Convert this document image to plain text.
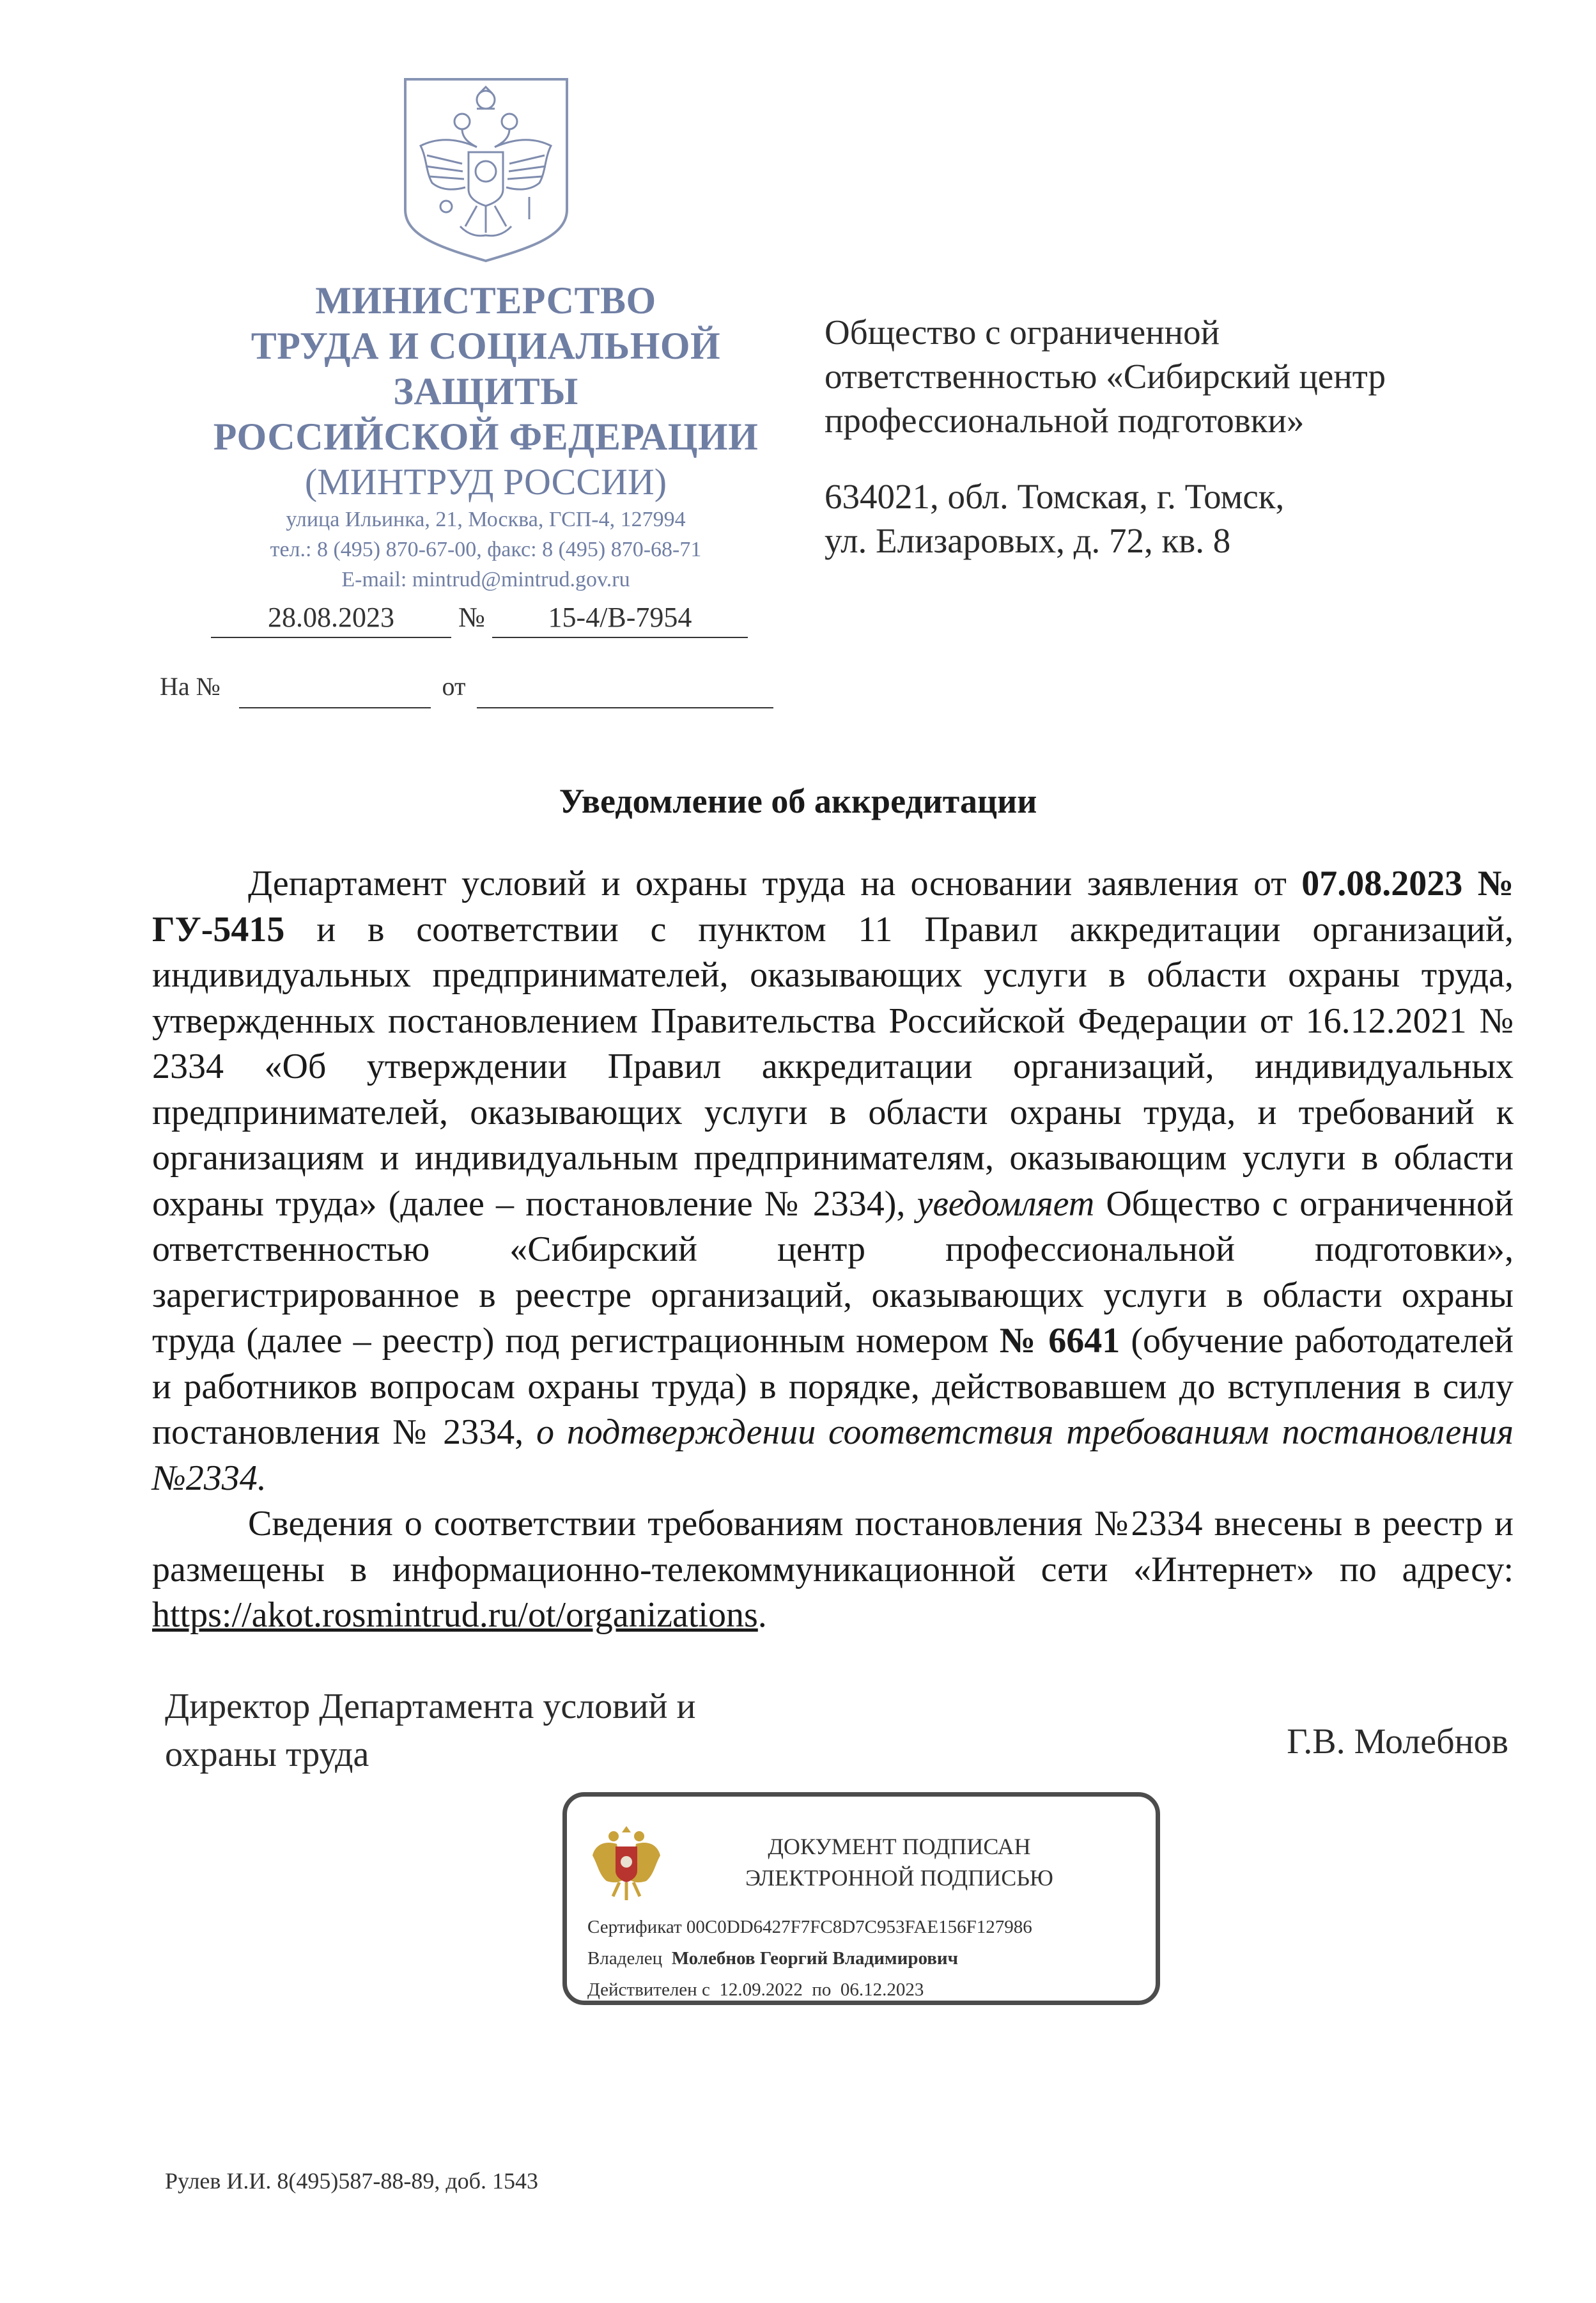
МИНИСТЕРСТВО
ТРУДА И СОЦИАЛЬНОЙ
ЗАЩИТЫ
РОССИЙСКОЙ ФЕДЕРАЦИИ
(МИНТРУД РОССИИ)
улица Ильинка, 21, Москва, ГСП-4, 127994
тел.: 8 (495) 870-67-00, факс: 8 (495) 870-68-71
E-mail: mintrud@mintrud.gov.ru
28.08.2023	№	15-4/В-7954
На №	от
Общество с ограниченной
ответственностью «Сибирский центр
профессиональной подготовки»
634021, обл. Томская, г. Томск,
ул. Елизаровых, д. 72, кв. 8
Уведомление об аккредитации

Департамент условий и охраны труда на основании заявления от 07.08.2023 № ГУ-5415 и в соответствии с пунктом 11 Правил аккредитации организаций, индивидуальных предпринимателей, оказывающих услуги в области охраны труда, утвержденных постановлением Правительства Российской Федерации от 16.12.2021 № 2334 «Об утверждении Правил аккредитации организаций, индивидуальных предпринимателей, оказывающих услуги в области охраны труда, и требований к организациям и индивидуальным предпринимателям, оказывающим услуги в области охраны труда» (далее – постановление № 2334), уведомляет Общество с ограниченной ответственностью «Сибирский центр профессиональной подготовки», зарегистрированное в реестре организаций, оказывающих услуги в области охраны труда (далее – реестр) под регистрационным номером № 6641 (обучение работодателей и работников вопросам охраны труда) в порядке, действовавшем до вступления в силу постановления № 2334, о подтверждении соответствия требованиям постановления №2334.

Сведения о соответствии требованиям постановления №2334 внесены в реестр и размещены в информационно-телекоммуникационной сети «Интернет» по адресу: https://akot.rosmintrud.ru/ot/organizations.

Директор Департамента условий и
охраны труда	Г.В. Молебнов
ДОКУМЕНТ ПОДПИСАН
ЭЛЕКТРОННОЙ ПОДПИСЬЮ
Сертификат 00C0DD6427F7FC8D7C953FAE156F127986
Владелец Молебнов Георгий Владимирович
Действителен с 12.09.2022 по 06.12.2023
Рулев И.И. 8(495)587-88-89, доб. 1543
